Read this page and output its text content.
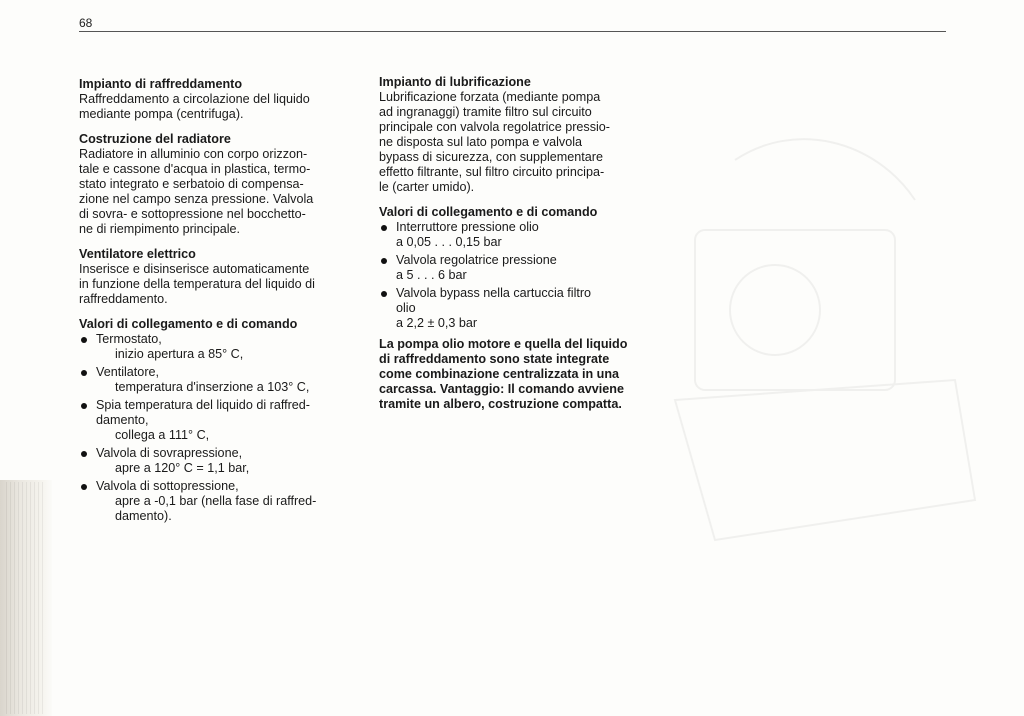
68

Impianto di raffreddamento

Raffreddamento a circolazione del liquido
mediante pompa (centrifuga).

Costruzione del radiatore

Radiatore in alluminio con corpo orizzon-
tale e cassone d'acqua in plastica, termo-
stato integrato e serbatoio di compensa-
zione nel campo senza pressione. Valvola
di sovra- e sottopressione nel bocchetto-
ne di riempimento principale.

Ventilatore elettrico

Inserisce e disinserisce automaticamente
in funzione della temperatura del liquido di
raffreddamento.

Valori di collegamento e di comando

Termostato,
inizio apertura a 85° C,
Ventilatore,
temperatura d'inserzione a 103° C,
Spia temperatura del liquido di raffred-
damento,
collega a 111° C,
Valvola di sovrapressione,
apre a 120° C = 1,1 bar,
Valvola di sottopressione,
apre a -0,1 bar (nella fase di raffred-
damento).

Impianto di lubrificazione

Lubrificazione forzata (mediante pompa
ad ingranaggi) tramite filtro sul circuito
principale con valvola regolatrice pressio-
ne disposta sul lato pompa e valvola
bypass di sicurezza, con supplementare
effetto filtrante, sul filtro circuito principa-
le (carter umido).

Valori di collegamento e di comando

Interruttore pressione olio
a 0,05 . . . 0,15 bar
Valvola regolatrice pressione
a 5 . . . 6 bar
Valvola bypass nella cartuccia filtro
olio
a 2,2 ± 0,3 bar

La pompa olio motore e quella del liquido
di raffreddamento sono state integrate
come combinazione centralizzata in una
carcassa. Vantaggio: Il comando avviene
tramite un albero, costruzione compatta.
